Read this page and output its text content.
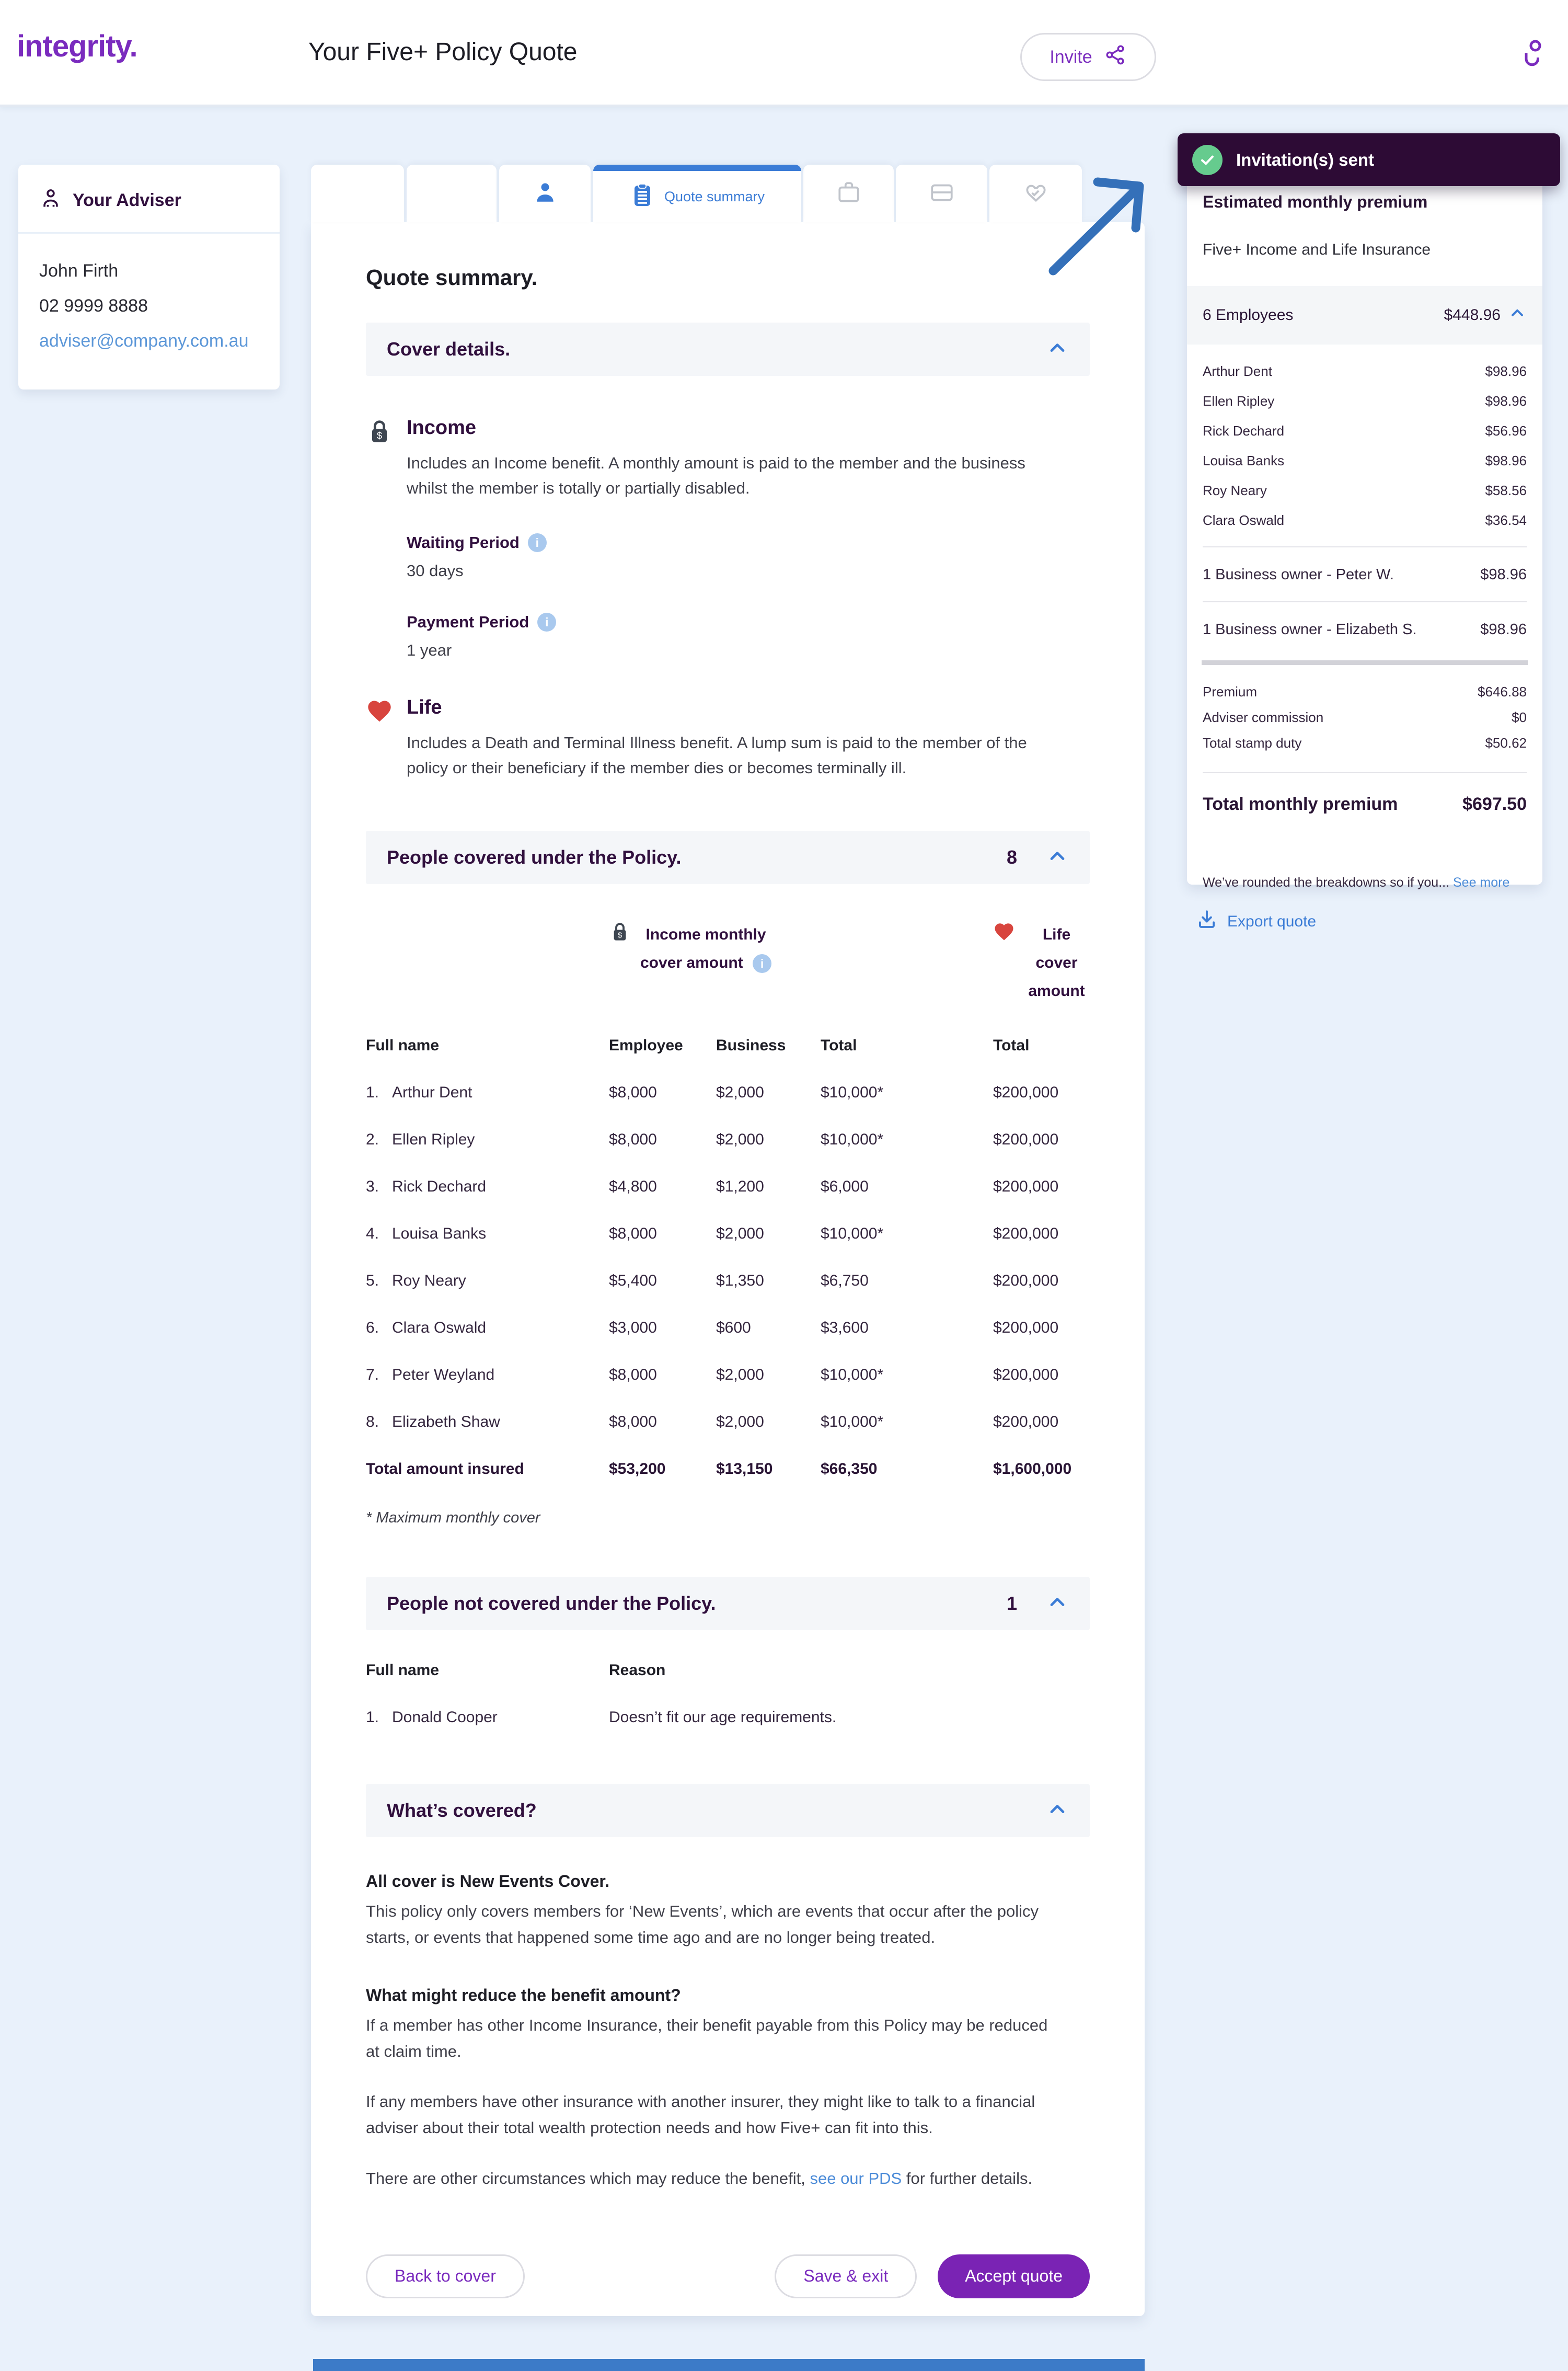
integrity.	Your Five+ Policy Quote	Invite
Your Adviser
John Firth
02 9999 8888
adviser@company.com.au
Quote summary
Quote summary.
Cover details.
$ Income
Includes an Income benefit. A monthly amount is paid to the member and the business whilst the member is totally or partially disabled.
Waiting Period	i
30 days
Payment Period	i
1 year
Life
Includes a Death and Terminal Illness benefit. A lump sum is paid to the member of the policy or their beneficiary if the member dies or becomes terminally ill.
People covered under the Policy.	8
$	Income monthly
cover amount i
Life cover
amount
Full name	Employee	Business	Total	Total
1. Arthur Dent	$8,000	$2,000	$10,000*	$200,000
2. Ellen Ripley	$8,000	$2,000	$10,000*	$200,000
3. Rick Dechard	$4,800	$1,200	$6,000	$200,000
4. Louisa Banks	$8,000	$2,000	$10,000*	$200,000
5. Roy Neary	$5,400	$1,350	$6,750	$200,000
6. Clara Oswald	$3,000	$600	$3,600	$200,000
7. Peter Weyland	$8,000	$2,000	$10,000*	$200,000
8. Elizabeth Shaw	$8,000	$2,000	$10,000*	$200,000
Total amount insured	$53,200	$13,150	$66,350	$1,600,000
* Maximum monthly cover
People not covered under the Policy.	1
Full name	Reason
1. Donald Cooper	Doesn’t fit our age requirements.
What’s covered?
All cover is New Events Cover.
This policy only covers members for ‘New Events’, which are events that occur after the policy starts, or events that happened some time ago and are no longer being treated.
What might reduce the benefit amount?
If a member has other Income Insurance, their benefit payable from this Policy may be reduced at claim time.
If any members have other insurance with another insurer, they might like to talk to a financial adviser about their total wealth protection needs and how Five+ can fit into this.
There are other circumstances which may reduce the benefit, see our PDS for further details.
Back to cover	Save & exit	Accept quote
Invitation(s) sent
Estimated monthly premium
Five+ Income and Life Insurance
6 Employees	$448.96
Arthur Dent	$98.96
Ellen Ripley	$98.96
Rick Dechard	$56.96
Louisa Banks	$98.96
Roy Neary	$58.56
Clara Oswald	$36.54
1 Business owner - Peter W.	$98.96
1 Business owner - Elizabeth S.	$98.96
Premium	$646.88
Adviser commission	$0
Total stamp duty	$50.62
Total monthly premium	$697.50
We’ve rounded the breakdowns so if you... See more
Export quote
